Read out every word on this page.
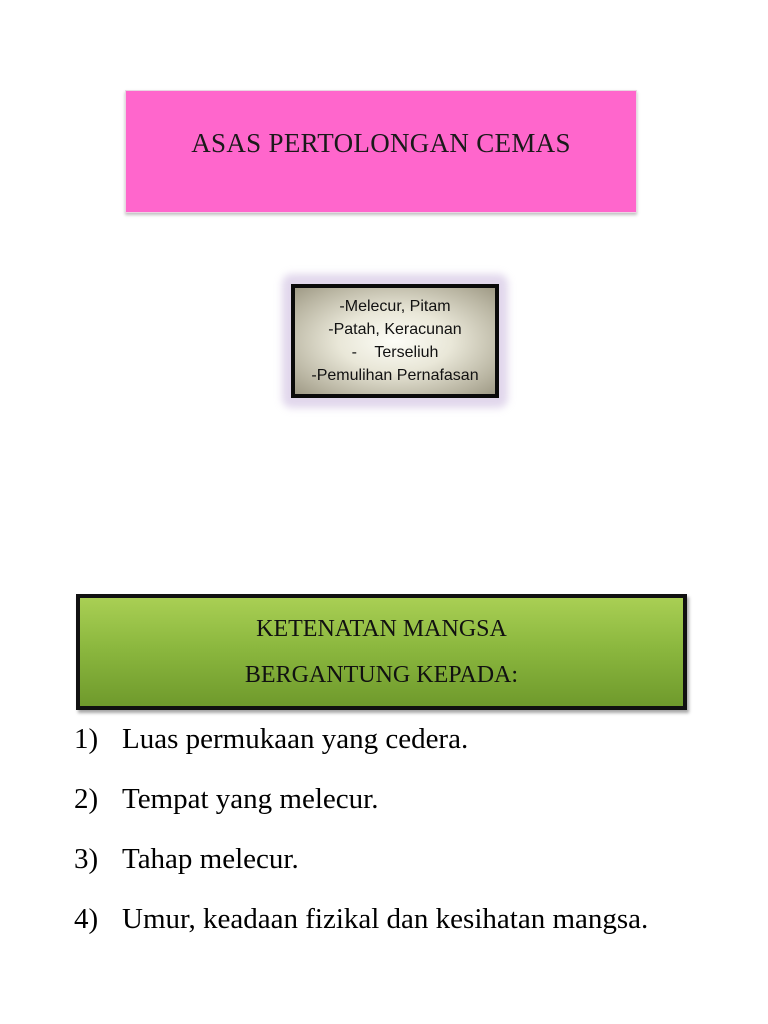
ASAS PERTOLONGAN CEMAS
-Melecur, Pitam
-Patah, Keracunan
-    Terseliuh
-Pemulihan Pernafasan
KETENATAN MANGSA
BERGANTUNG KEPADA:
1) Luas permukaan yang cedera.
2) Tempat yang melecur.
3) Tahap melecur.
4) Umur, keadaan fizikal dan kesihatan mangsa.
